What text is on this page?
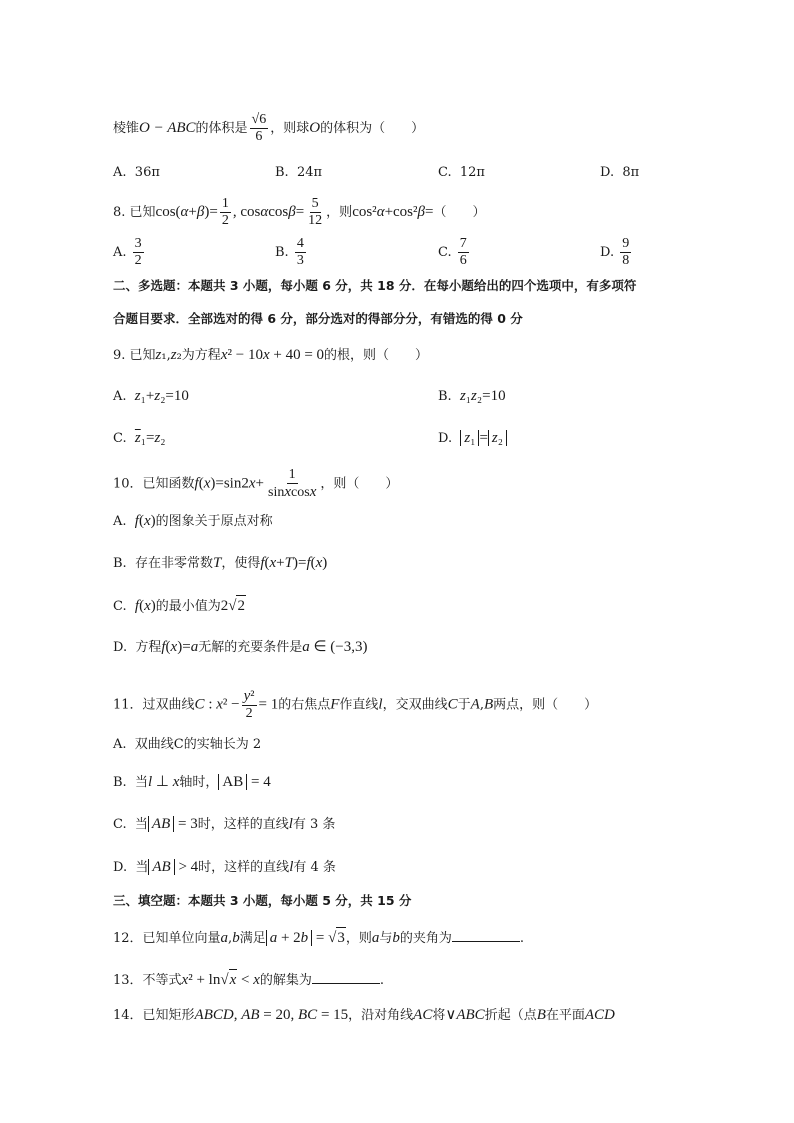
棱锥O − ABC的体积是 $\frac{√6}{6}$ ，则球O的体积为（　　）
A.  36π	B.  24π	C.  12π	D.  8π
8. 已知$\cos(\alpha+\beta)= \frac{1}{2}$ , $\cos\alpha\cos\beta= \frac{5}{12}$ ，则cos²α+cos²β=（　　）
A. $\frac{3}{2}$	B. $\frac{4}{3}$	C. $\frac{7}{6}$	D. $\frac{9}{8}$
二、多选题：本题共 3 小题，每小题 6 分，共 18 分．在每小题给出的四个选项中，有多项符
合题目要求．全部选对的得 6 分，部分选对的得部分分，有错选的得 0 分
9. 已知z₁,z₂为方程x² − 10x + 40 = 0的根，则（　　）
A.  z₁+z₂=10	B.  z₁z₂=10
C.  $\overline{z}_1=z_2$	D.  z₁ = z₂
10．已知函数$f(x)=\sin 2x+ \frac{1}{\text{sinxcosx}}$ ，则（　　）
A.  f(x)的图象关于原点对称
B.  存在非零常数T，使得f(x+T)=f(x)
C.  f(x)的最小值为2√2
D.  方程f(x)=a无解的充要条件是a ∈ (−3,3)
11．过双曲线C : $x^2 - \frac{\text{y²}}{2} = 1$的右焦点F作直线l，交双曲线C于A,B两点，则（　　）
A.  双曲线C的实轴长为 2
B.  当l ⊥ x轴时， AB = 4
C.  当 AB = 3时，这样的直线l有 3 条
D.  当 AB > 4时，这样的直线l有 4 条
三、填空题：本题共 3 小题，每小题 5 分，共 15 分
12．已知单位向量a,b满足 a + 2b = √3，则a与b的夹角为	.
13．不等式x² + ln√x < x的解集为	.
14．已知矩形ABCD, AB = 20, BC = 15，沿对角线AC将∨ABC折起（点B在平面ACD
